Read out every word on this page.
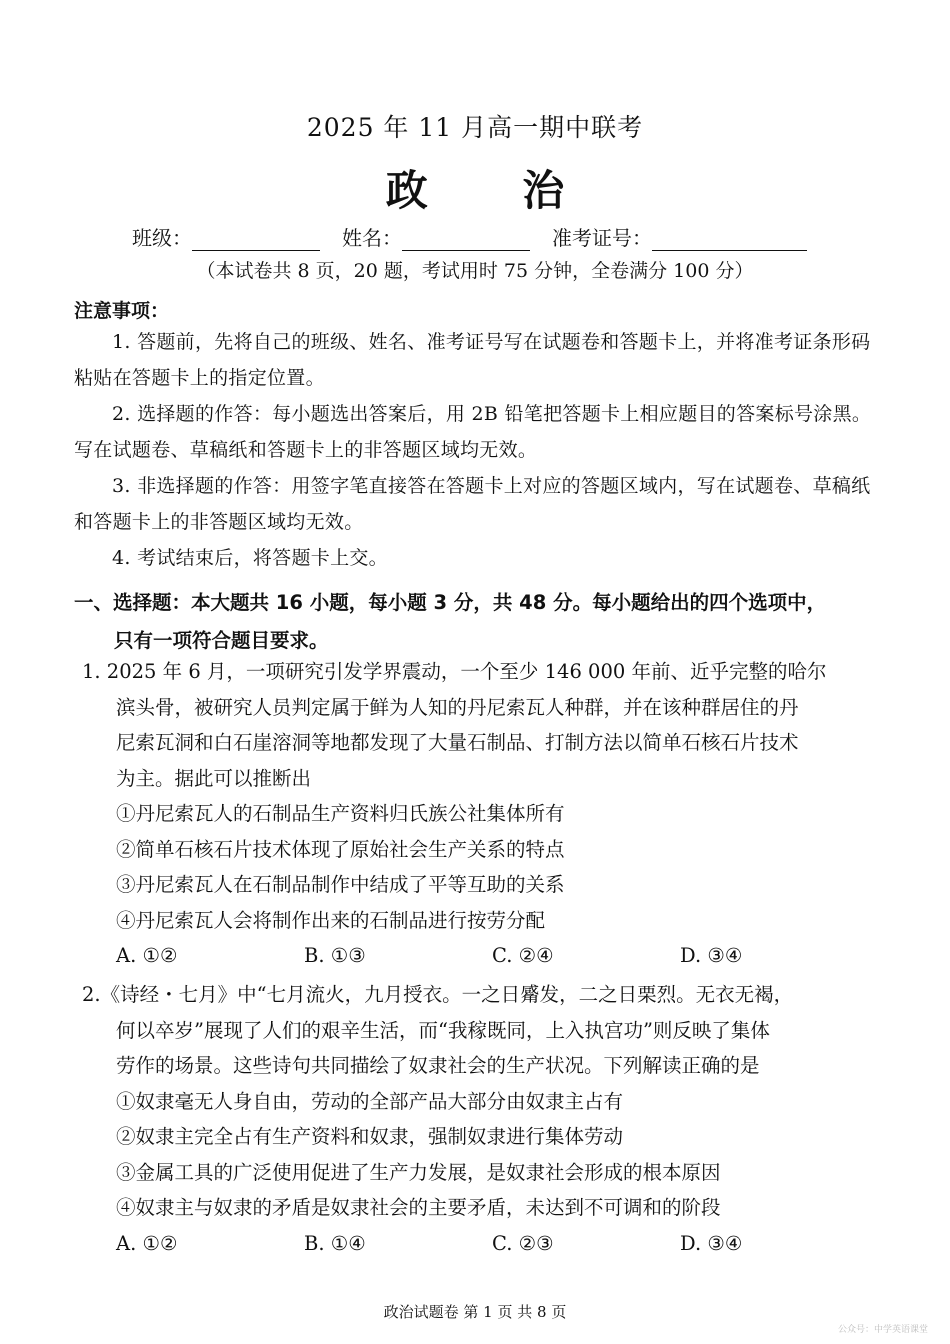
2025 年 11 月高一期中联考
政 治
班级：	姓名：	准考证号：
（本试卷共 8 页，20 题，考试用时 75 分钟，全卷满分 100 分）
注意事项：

1. 答题前，先将自己的班级、姓名、准考证号写在试题卷和答题卡上，并将准考证条形码粘贴在答题卡上的指定位置。

2. 选择题的作答：每小题选出答案后，用 2B 铅笔把答题卡上相应题目的答案标号涂黑。写在试题卷、草稿纸和答题卡上的非答题区域均无效。

3. 非选择题的作答：用签字笔直接答在答题卡上对应的答题区域内，写在试题卷、草稿纸和答题卡上的非答题区域均无效。

4. 考试结束后，将答题卡上交。

一、选择题：本大题共 16 小题，每小题 3 分，共 48 分。每小题给出的四个选项中，
只有一项符合题目要求。
1. 2025 年 6 月，一项研究引发学界震动，一个至少 146 000 年前、近乎完整的哈尔
滨头骨，被研究人员判定属于鲜为人知的丹尼索瓦人种群，并在该种群居住的丹
尼索瓦洞和白石崖溶洞等地都发现了大量石制品、打制方法以简单石核石片技术
为主。据此可以推断出
①丹尼索瓦人的石制品生产资料归氏族公社集体所有
②简单石核石片技术体现了原始社会生产关系的特点
③丹尼索瓦人在石制品制作中结成了平等互助的关系
④丹尼索瓦人会将制作出来的石制品进行按劳分配
A. ①②	B. ①③	C. ②④	D. ③④
2.《诗经・七月》中“七月流火，九月授衣。一之日觱发，二之日栗烈。无衣无褐，
何以卒岁”展现了人们的艰辛生活，而“我稼既同，上入执宫功”则反映了集体
劳作的场景。这些诗句共同描绘了奴隶社会的生产状况。下列解读正确的是
①奴隶毫无人身自由，劳动的全部产品大部分由奴隶主占有
②奴隶主完全占有生产资料和奴隶，强制奴隶进行集体劳动
③金属工具的广泛使用促进了生产力发展，是奴隶社会形成的根本原因
④奴隶主与奴隶的矛盾是奴隶社会的主要矛盾，未达到不可调和的阶段
A. ①②	B. ①④	C. ②③	D. ③④
政治试题卷 第 1 页 共 8 页
公众号：中学英语课堂
